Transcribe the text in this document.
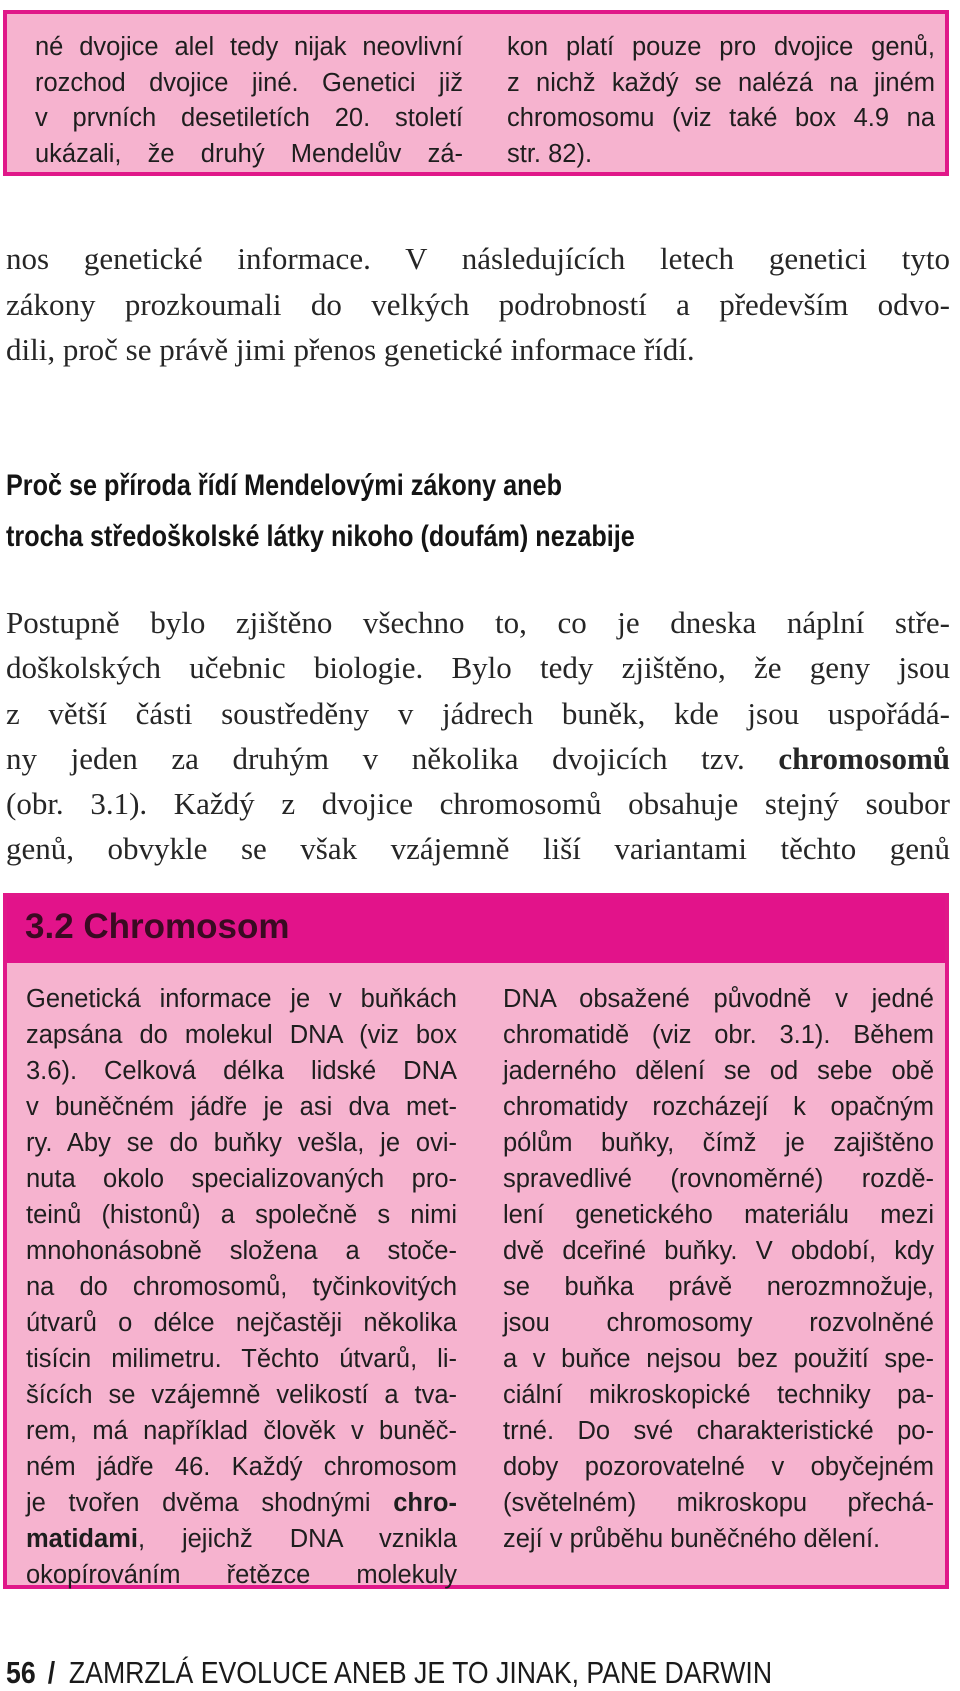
né dvojice alel tedy nijak neovlivní
rozchod dvojice jiné. Genetici již
v prvních desetiletích 20. století
ukázali, že druhý Mendelův zá-
kon platí pouze pro dvojice genů,
z nichž každý se nalézá na jiném
chromosomu (viz také box 4.9 na
str. 82).
nos genetické informace. V následujících letech genetici tyto
zákony prozkoumali do velkých podrobností a především odvo-
dili, proč se právě jimi přenos genetické informace řídí.
Proč se příroda řídí Mendelovými zákony aneb
trocha středoškolské látky nikoho (doufám) nezabije
Postupně bylo zjištěno všechno to, co je dneska náplní stře-
doškolských učebnic biologie. Bylo tedy zjištěno, že geny jsou
z větší části soustředěny v jádrech buněk, kde jsou uspořádá-
ny jeden za druhým v několika dvojicích tzv. chromosomů
(obr. 3.1). Každý z dvojice chromosomů obsahuje stejný soubor
genů, obvykle se však vzájemně liší variantami těchto genů
3.2 Chromosom
Genetická informace je v buňkách
zapsána do molekul DNA (viz box
3.6). Celková délka lidské DNA
v buněčném jádře je asi dva met-
ry. Aby se do buňky vešla, je ovi-
nuta okolo specializovaných pro-
teinů (histonů) a společně s nimi
mnohonásobně složena a stoče-
na do chromosomů, tyčinkovitých
útvarů o délce nejčastěji několika
tisícin milimetru. Těchto útvarů, li-
šících se vzájemně velikostí a tva-
rem, má například člověk v buněč-
ném jádře 46. Každý chromosom
je tvořen dvěma shodnými chro-
matidami, jejichž DNA vznikla
okopírováním řetězce molekuly
DNA obsažené původně v jedné
chromatidě (viz obr. 3.1). Během
jaderného dělení se od sebe obě
chromatidy rozcházejí k opačným
pólům buňky, čímž je zajištěno
spravedlivé (rovnoměrné) rozdě-
lení genetického materiálu mezi
dvě dceřiné buňky. V období, kdy
se buňka právě nerozmnožuje,
jsou chromosomy rozvolněné
a v buňce nejsou bez použití spe-
ciální mikroskopické techniky pa-
trné. Do své charakteristické po-
doby pozorovatelné v obyčejném
(světelném) mikroskopu přechá-
zejí v průběhu buněčného dělení.
56 / ZAMRZLÁ EVOLUCE ANEB JE TO JINAK, PANE DARWIN
